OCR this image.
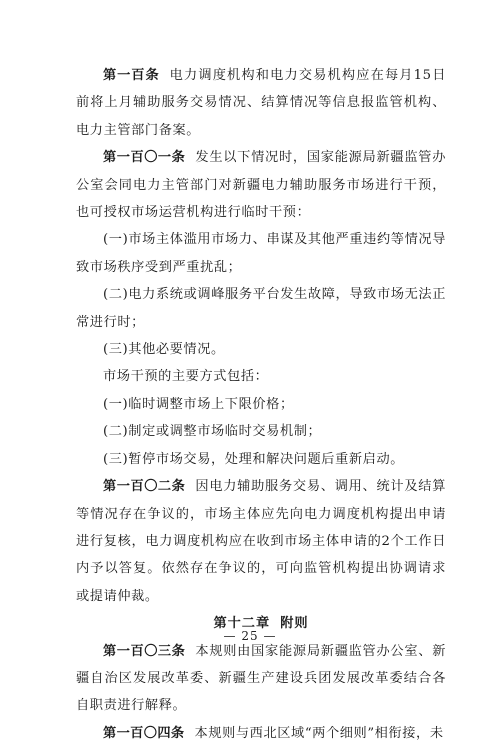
第一百条 电力调度机构和电力交易机构应在每月15日前将上月辅助服务交易情况、结算情况等信息报监管机构、电力主管部门备案。

第一百〇一条 发生以下情况时，国家能源局新疆监管办公室会同电力主管部门对新疆电力辅助服务市场进行干预，也可授权市场运营机构进行临时干预：

(一)市场主体滥用市场力、串谋及其他严重违约等情况导致市场秩序受到严重扰乱；

(二)电力系统或调峰服务平台发生故障，导致市场无法正常进行时；

(三)其他必要情况。

市场干预的主要方式包括：

(一)临时调整市场上下限价格；

(二)制定或调整市场临时交易机制；

(三)暂停市场交易，处理和解决问题后重新启动。

第一百〇二条 因电力辅助服务交易、调用、统计及结算等情况存在争议的，市场主体应先向电力调度机构提出申请进行复核，电力调度机构应在收到市场主体申请的2个工作日内予以答复。依然存在争议的，可向监管机构提出协调请求或提请仲裁。

第十二章 附则

第一百〇三条 本规则由国家能源局新疆监管办公室、新疆自治区发展改革委、新疆生产建设兵团发展改革委结合各自职责进行解释。

第一百〇四条 本规则与西北区域“两个细则”相衔接，未

— 25 —
